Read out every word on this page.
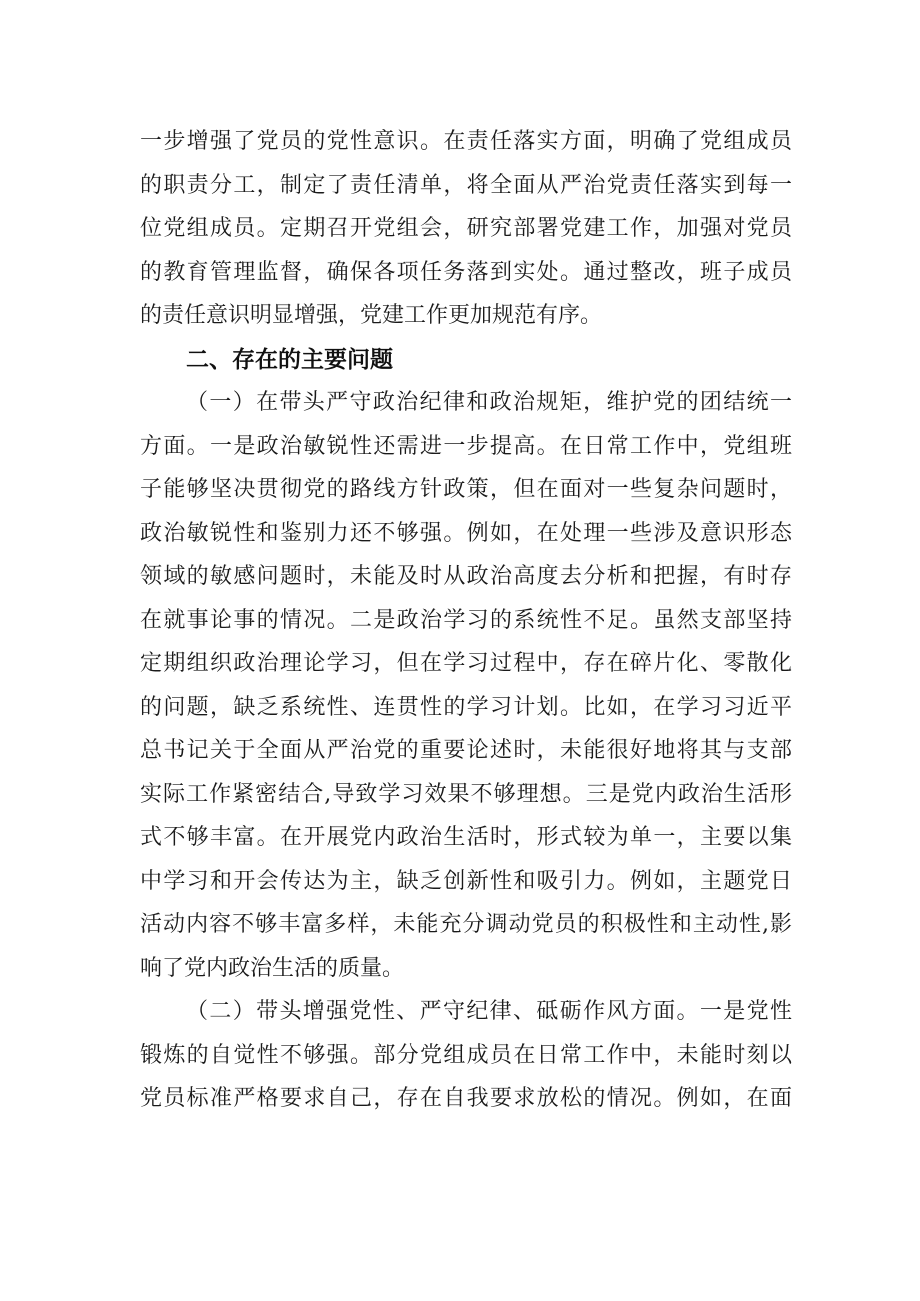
一步增强了党员的党性意识。在责任落实方面，明确了党组成员
的职责分工，制定了责任清单，将全面从严治党责任落实到每一
位党组成员。定期召开党组会，研究部署党建工作，加强对党员
的教育管理监督，确保各项任务落到实处。通过整改，班子成员
的责任意识明显增强，党建工作更加规范有序。
二、存在的主要问题
（一）在带头严守政治纪律和政治规矩，维护党的团结统一
方面。一是政治敏锐性还需进一步提高。在日常工作中，党组班
子能够坚决贯彻党的路线方针政策，但在面对一些复杂问题时，
政治敏锐性和鉴别力还不够强。例如，在处理一些涉及意识形态
领域的敏感问题时，未能及时从政治高度去分析和把握，有时存
在就事论事的情况。二是政治学习的系统性不足。虽然支部坚持
定期组织政治理论学习，但在学习过程中，存在碎片化、零散化
的问题，缺乏系统性、连贯性的学习计划。比如，在学习习近平
总书记关于全面从严治党的重要论述时，未能很好地将其与支部
实际工作紧密结合,导致学习效果不够理想。三是党内政治生活形
式不够丰富。在开展党内政治生活时，形式较为单一，主要以集
中学习和开会传达为主，缺乏创新性和吸引力。例如，主题党日
活动内容不够丰富多样，未能充分调动党员的积极性和主动性,影
响了党内政治生活的质量。
（二）带头增强党性、严守纪律、砥砺作风方面。一是党性
锻炼的自觉性不够强。部分党组成员在日常工作中，未能时刻以
党员标准严格要求自己，存在自我要求放松的情况。例如，在面
